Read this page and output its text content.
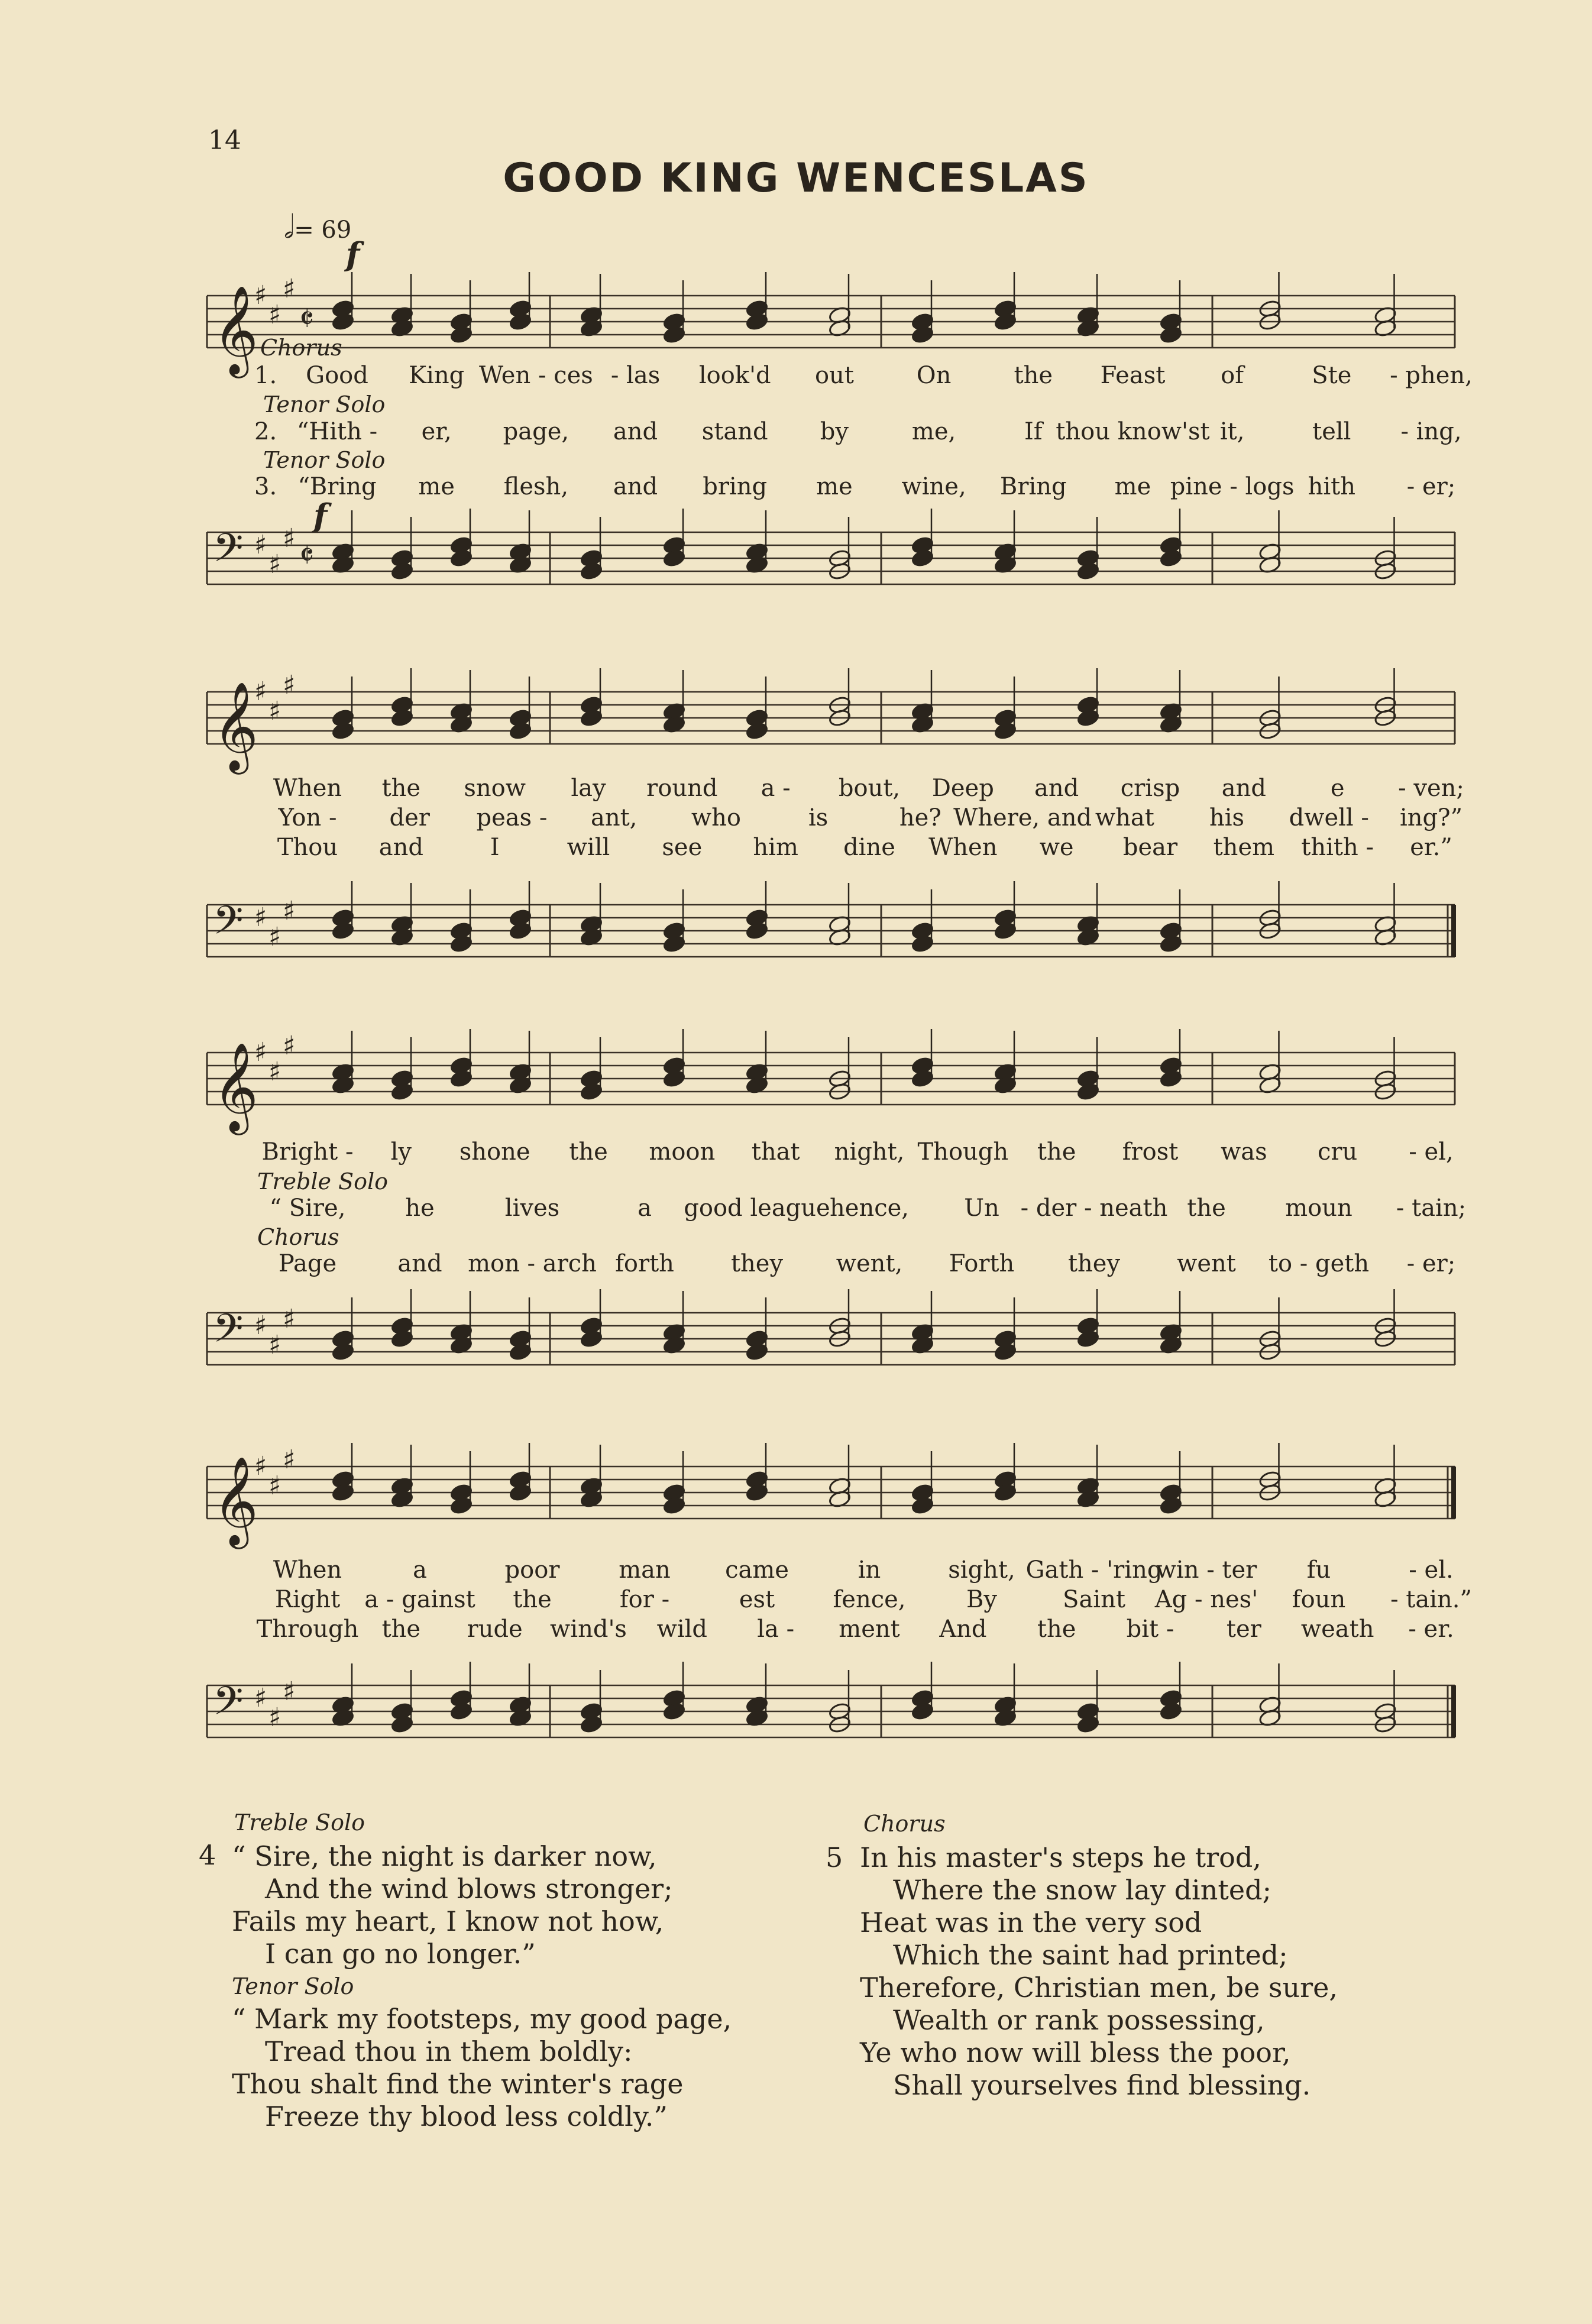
14
GOOD KING WENCESLAS
𝅗𝅥= 69
f
f
𝄞
♯
♯
♯
𝄵
Chorus
1. Good King Wen - ces - las look'd out	On	the Feast of	Ste - phen,
Tenor Solo
2. “Hith - er, page, and stand by	me,	If thou know'st it,	tell - ing,
Tenor Solo
3. “Bring me flesh, and bring me wine, Bring me pine - logs hith - er;
𝄢 ♯
♯
♯ 𝄵
𝄞
♯
♯
♯
When the snow lay round a - bout, Deep and crisp and	e - ven;
Yon - der peas - ant, who	is	he? Where, and what his dwell - ing?”
Thou and	I	will see him dine When we bear them thith - er.”
𝄢 ♯
♯
♯
𝄞
♯
♯
♯
Bright - ly shone the moon that night, Though the frost was cru - el,
Treble Solo
“ Sire,	he	lives	a good league hence, Un - der - neath the	moun - tain;
Chorus
Page	and mon - arch forth they went, Forth they went to - geth - er;
𝄢 ♯
♯
♯
𝄞
♯
♯
♯
When	a	poor man came	in	sight, Gath - 'ring
win - ter fu	- el.
Right a - gainst the	for -	est fence,	By	Saint Ag - nes' foun - tain.”
Through the rude wind's wild la - ment And the bit - ter weath - er.
𝄢 ♯
♯
♯
Treble Solo
4 “ Sire, the night is darker now,
And the wind blows stronger;
Fails my heart, I know not how,
I can go no longer.”
Tenor Solo
“ Mark my footsteps, my good page,
Tread thou in them boldly:
Thou shalt find the winter's rage
Freeze thy blood less coldly.”
Chorus
5 In his master's steps he trod,
Where the snow lay dinted;
Heat was in the very sod
Which the saint had printed;
Therefore, Christian men, be sure,
Wealth or rank possessing,
Ye who now will bless the poor,
Shall yourselves find blessing.
